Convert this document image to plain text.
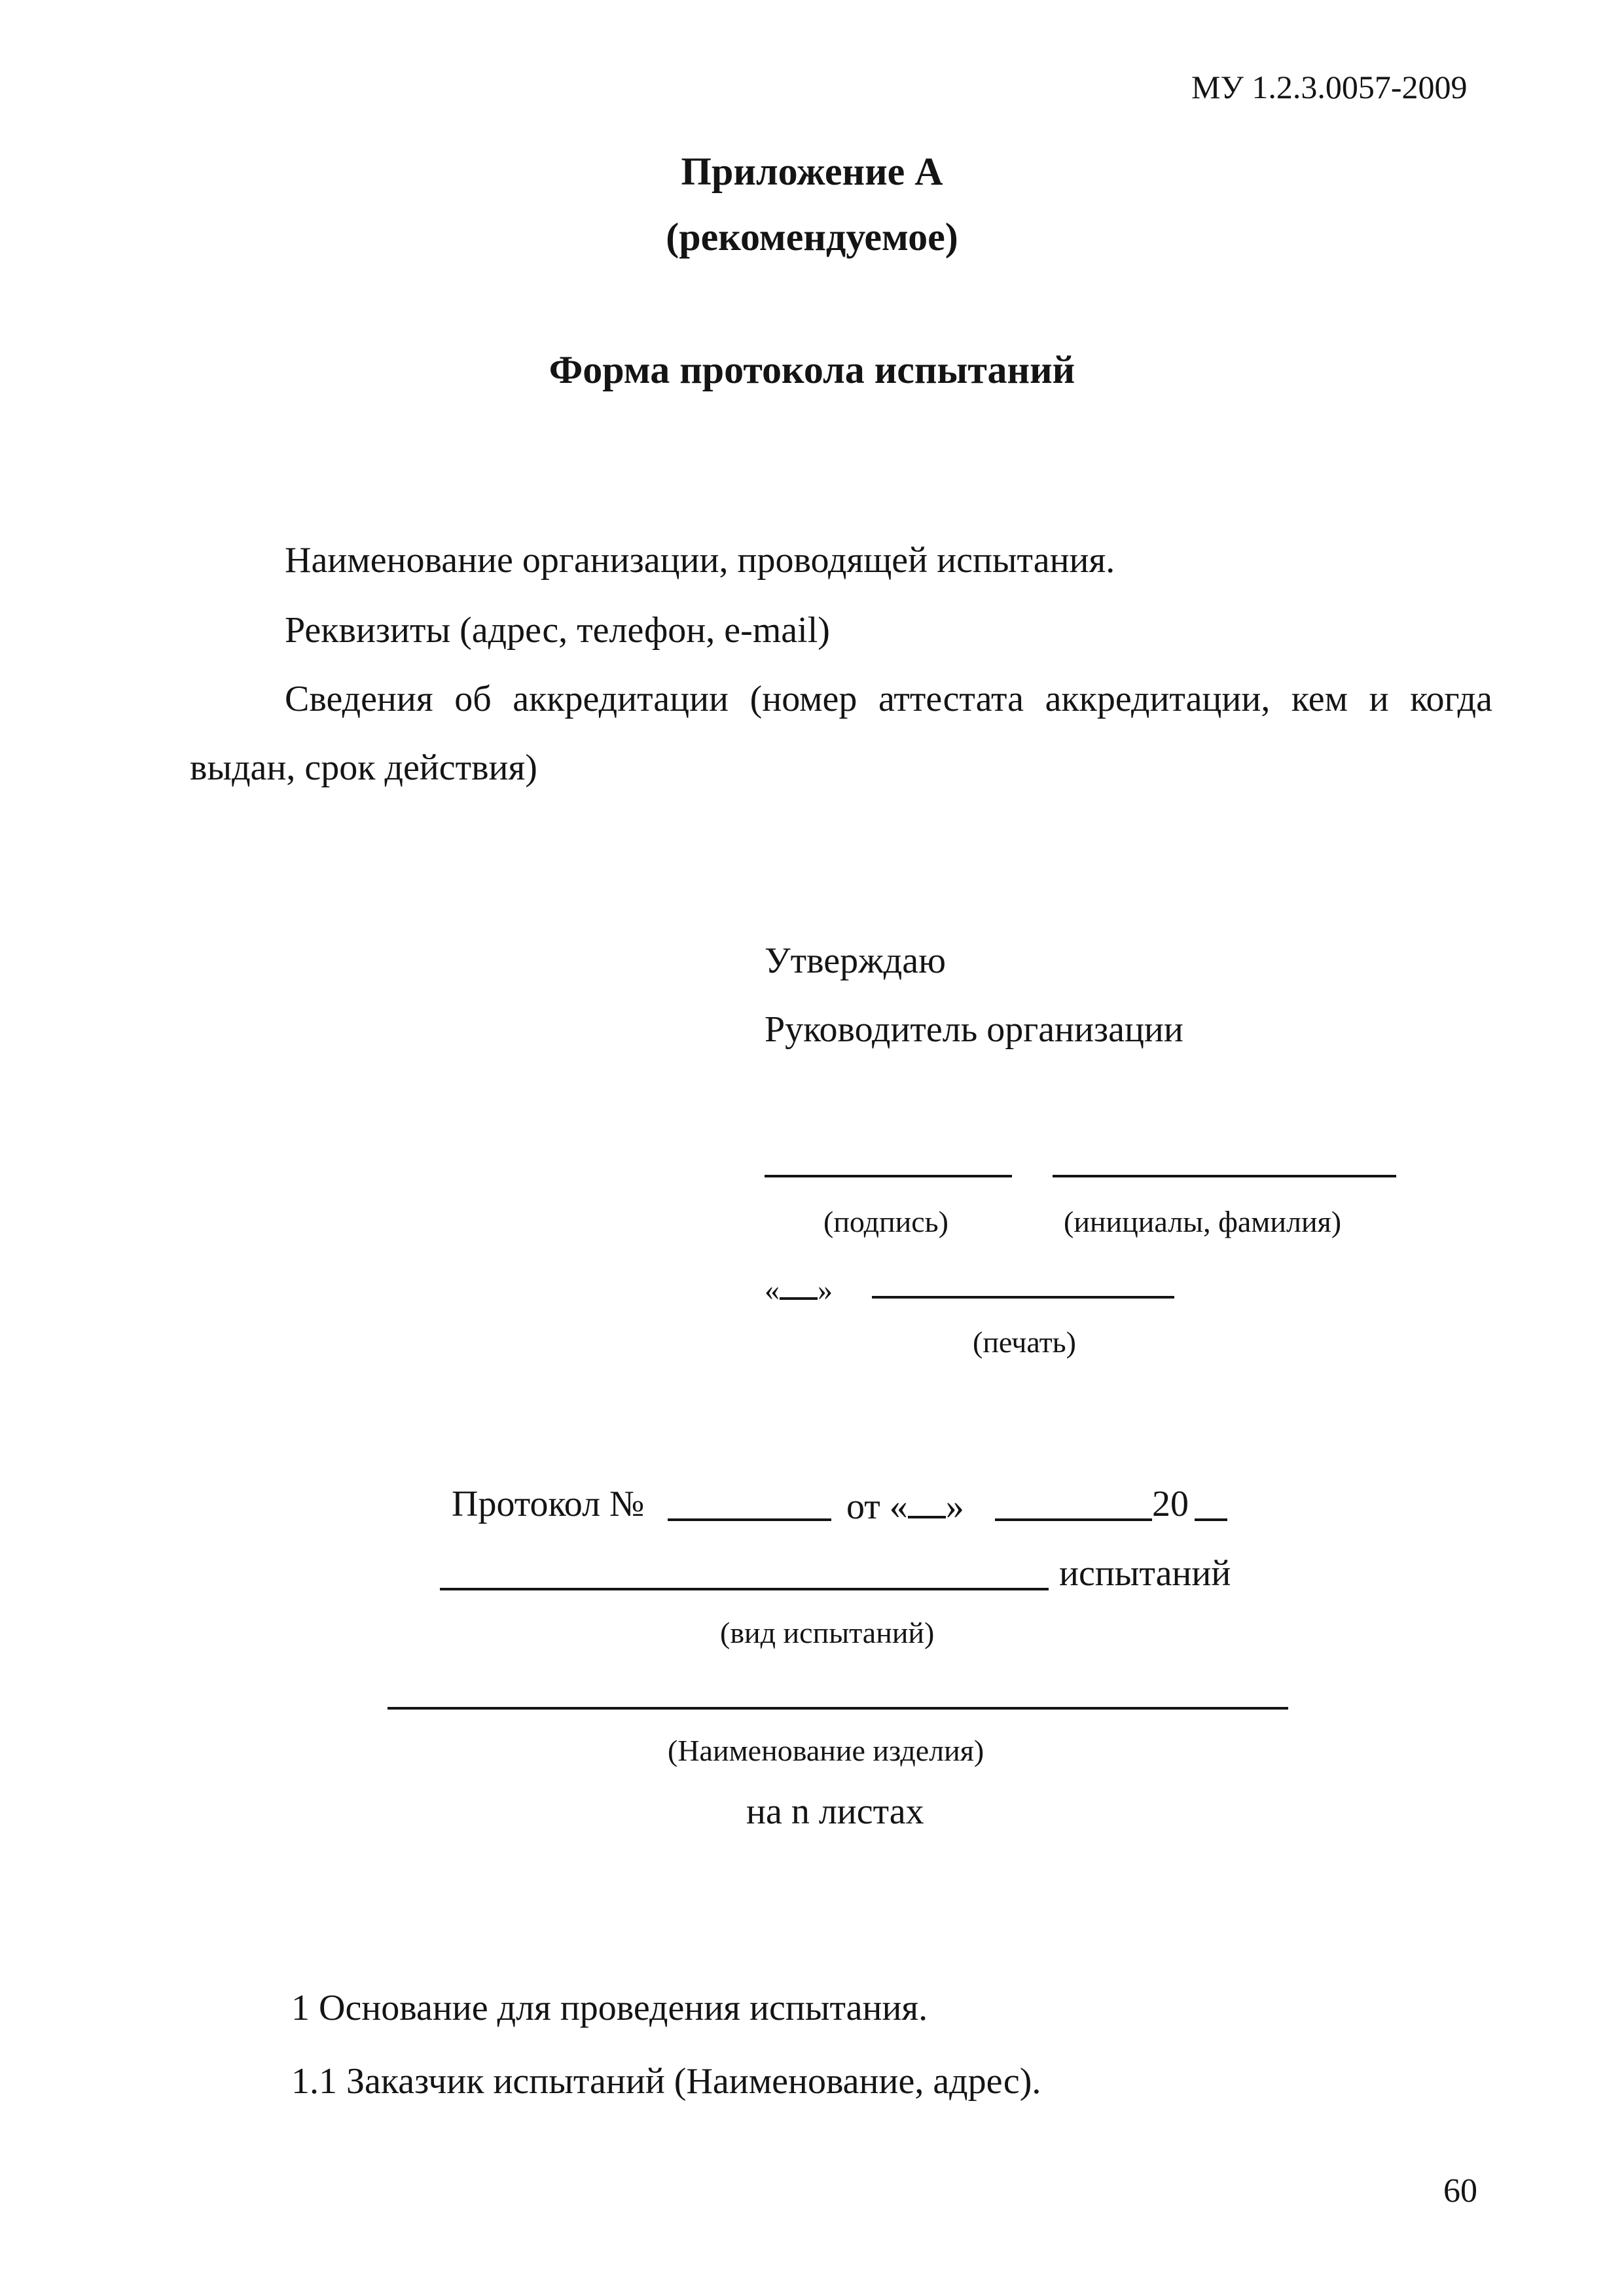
МУ 1.2.3.0057-2009
Приложение А
(рекомендуемое)
Форма протокола испытаний
Наименование организации, проводящей испытания.
Реквизиты (адрес, телефон, e-mail)
Сведения об аккредитации (номер аттестата аккредитации, кем и когда
выдан, срок действия)
Утверждаю
Руководитель организации
(подпись)	(инициалы, фамилия)
« »
(печать)
Протокол №	от « »	20
испытаний
(вид испытаний)
(Наименование изделия)
на n листах
1 Основание для проведения испытания.
1.1 Заказчик испытаний (Наименование, адрес).
60
